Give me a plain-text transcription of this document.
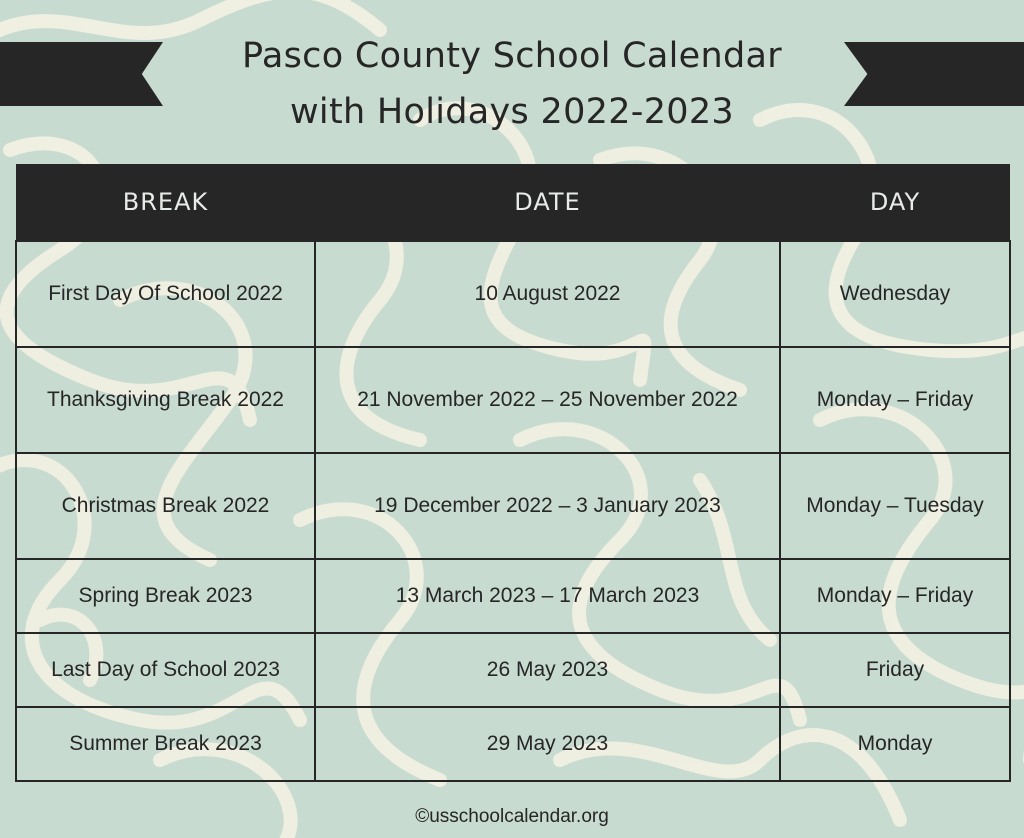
Pasco County School Calendar
with Holidays 2022-2023
BREAK	DATE	DAY
First Day Of School 2022	10 August 2022	Wednesday
Thanksgiving Break 2022	21 November 2022 – 25 November 2022	Monday – Friday
Christmas Break 2022	19 December 2022 – 3 January 2023	Monday – Tuesday
Spring Break 2023	13 March 2023 – 17 March 2023	Monday – Friday
Last Day of School 2023	26 May 2023	Friday
Summer Break 2023	29 May 2023	Monday
©usschoolcalendar.org
